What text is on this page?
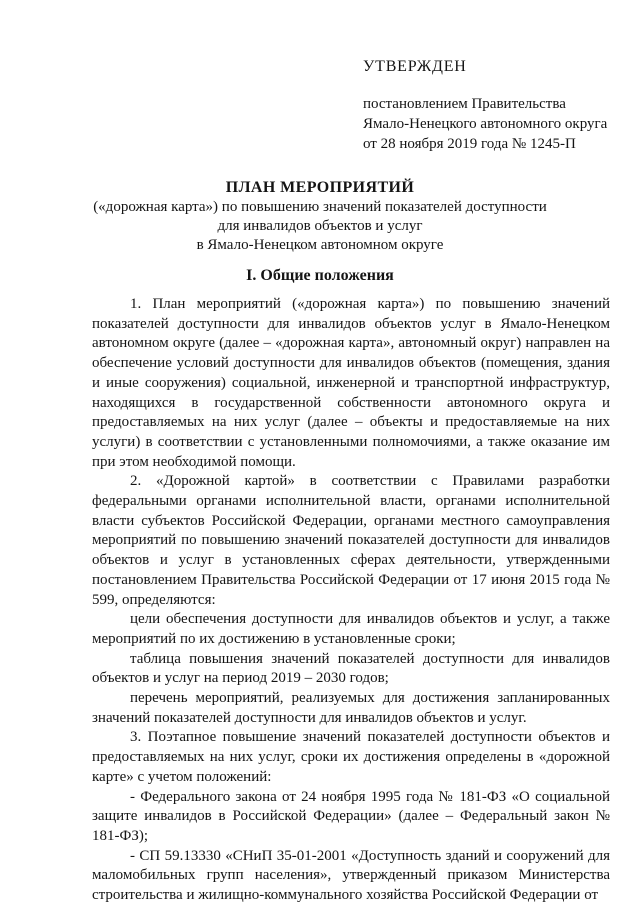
УТВЕРЖДЕН
постановлением Правительства
Ямало-Ненецкого автономного округа
от 28 ноября 2019 года № 1245-П
ПЛАН МЕРОПРИЯТИЙ
(«дорожная карта») по повышению значений показателей доступности
для инвалидов объектов и услуг
в Ямало-Ненецком автономном округе
I. Общие положения

1. План мероприятий («дорожная карта») по повышению значений показателей доступности для инвалидов объектов услуг в Ямало-Ненецком автономном округе (далее – «дорожная карта», автономный округ) направлен на обеспечение условий доступности для инвалидов объектов (помещения, здания и иные сооружения) социальной, инженерной и транспортной инфраструктур, находящихся в государственной собственности автономного округа и предоставляемых на них услуг (далее – объекты и предоставляемые на них услуги) в соответствии с установленными полномочиями, а также оказание им при этом необходимой помощи.

2. «Дорожной картой» в соответствии с Правилами разработки федеральными органами исполнительной власти, органами исполнительной власти субъектов Российской Федерации, органами местного самоуправления мероприятий по повышению значений показателей доступности для инвалидов объектов и услуг в установленных сферах деятельности, утвержденными постановлением Правительства Российской Федерации от 17 июня 2015 года № 599, определяются:

цели обеспечения доступности для инвалидов объектов и услуг, а также мероприятий по их достижению в установленные сроки;

таблица повышения значений показателей доступности для инвалидов объектов и услуг на период 2019 – 2030 годов;

перечень мероприятий, реализуемых для достижения запланированных значений показателей доступности для инвалидов объектов и услуг.

3. Поэтапное повышение значений показателей доступности объектов и предоставляемых на них услуг, сроки их достижения определены в «дорожной карте» с учетом положений:

- Федерального закона от 24 ноября 1995 года № 181-ФЗ «О социальной защите инвалидов в Российской Федерации» (далее – Федеральный закон № 181-ФЗ);

- СП 59.13330 «СНиП 35-01-2001 «Доступность зданий и сооружений для маломобильных групп населения», утвержденный приказом Министерства строительства и жилищно-коммунального хозяйства Российской Федерации от
